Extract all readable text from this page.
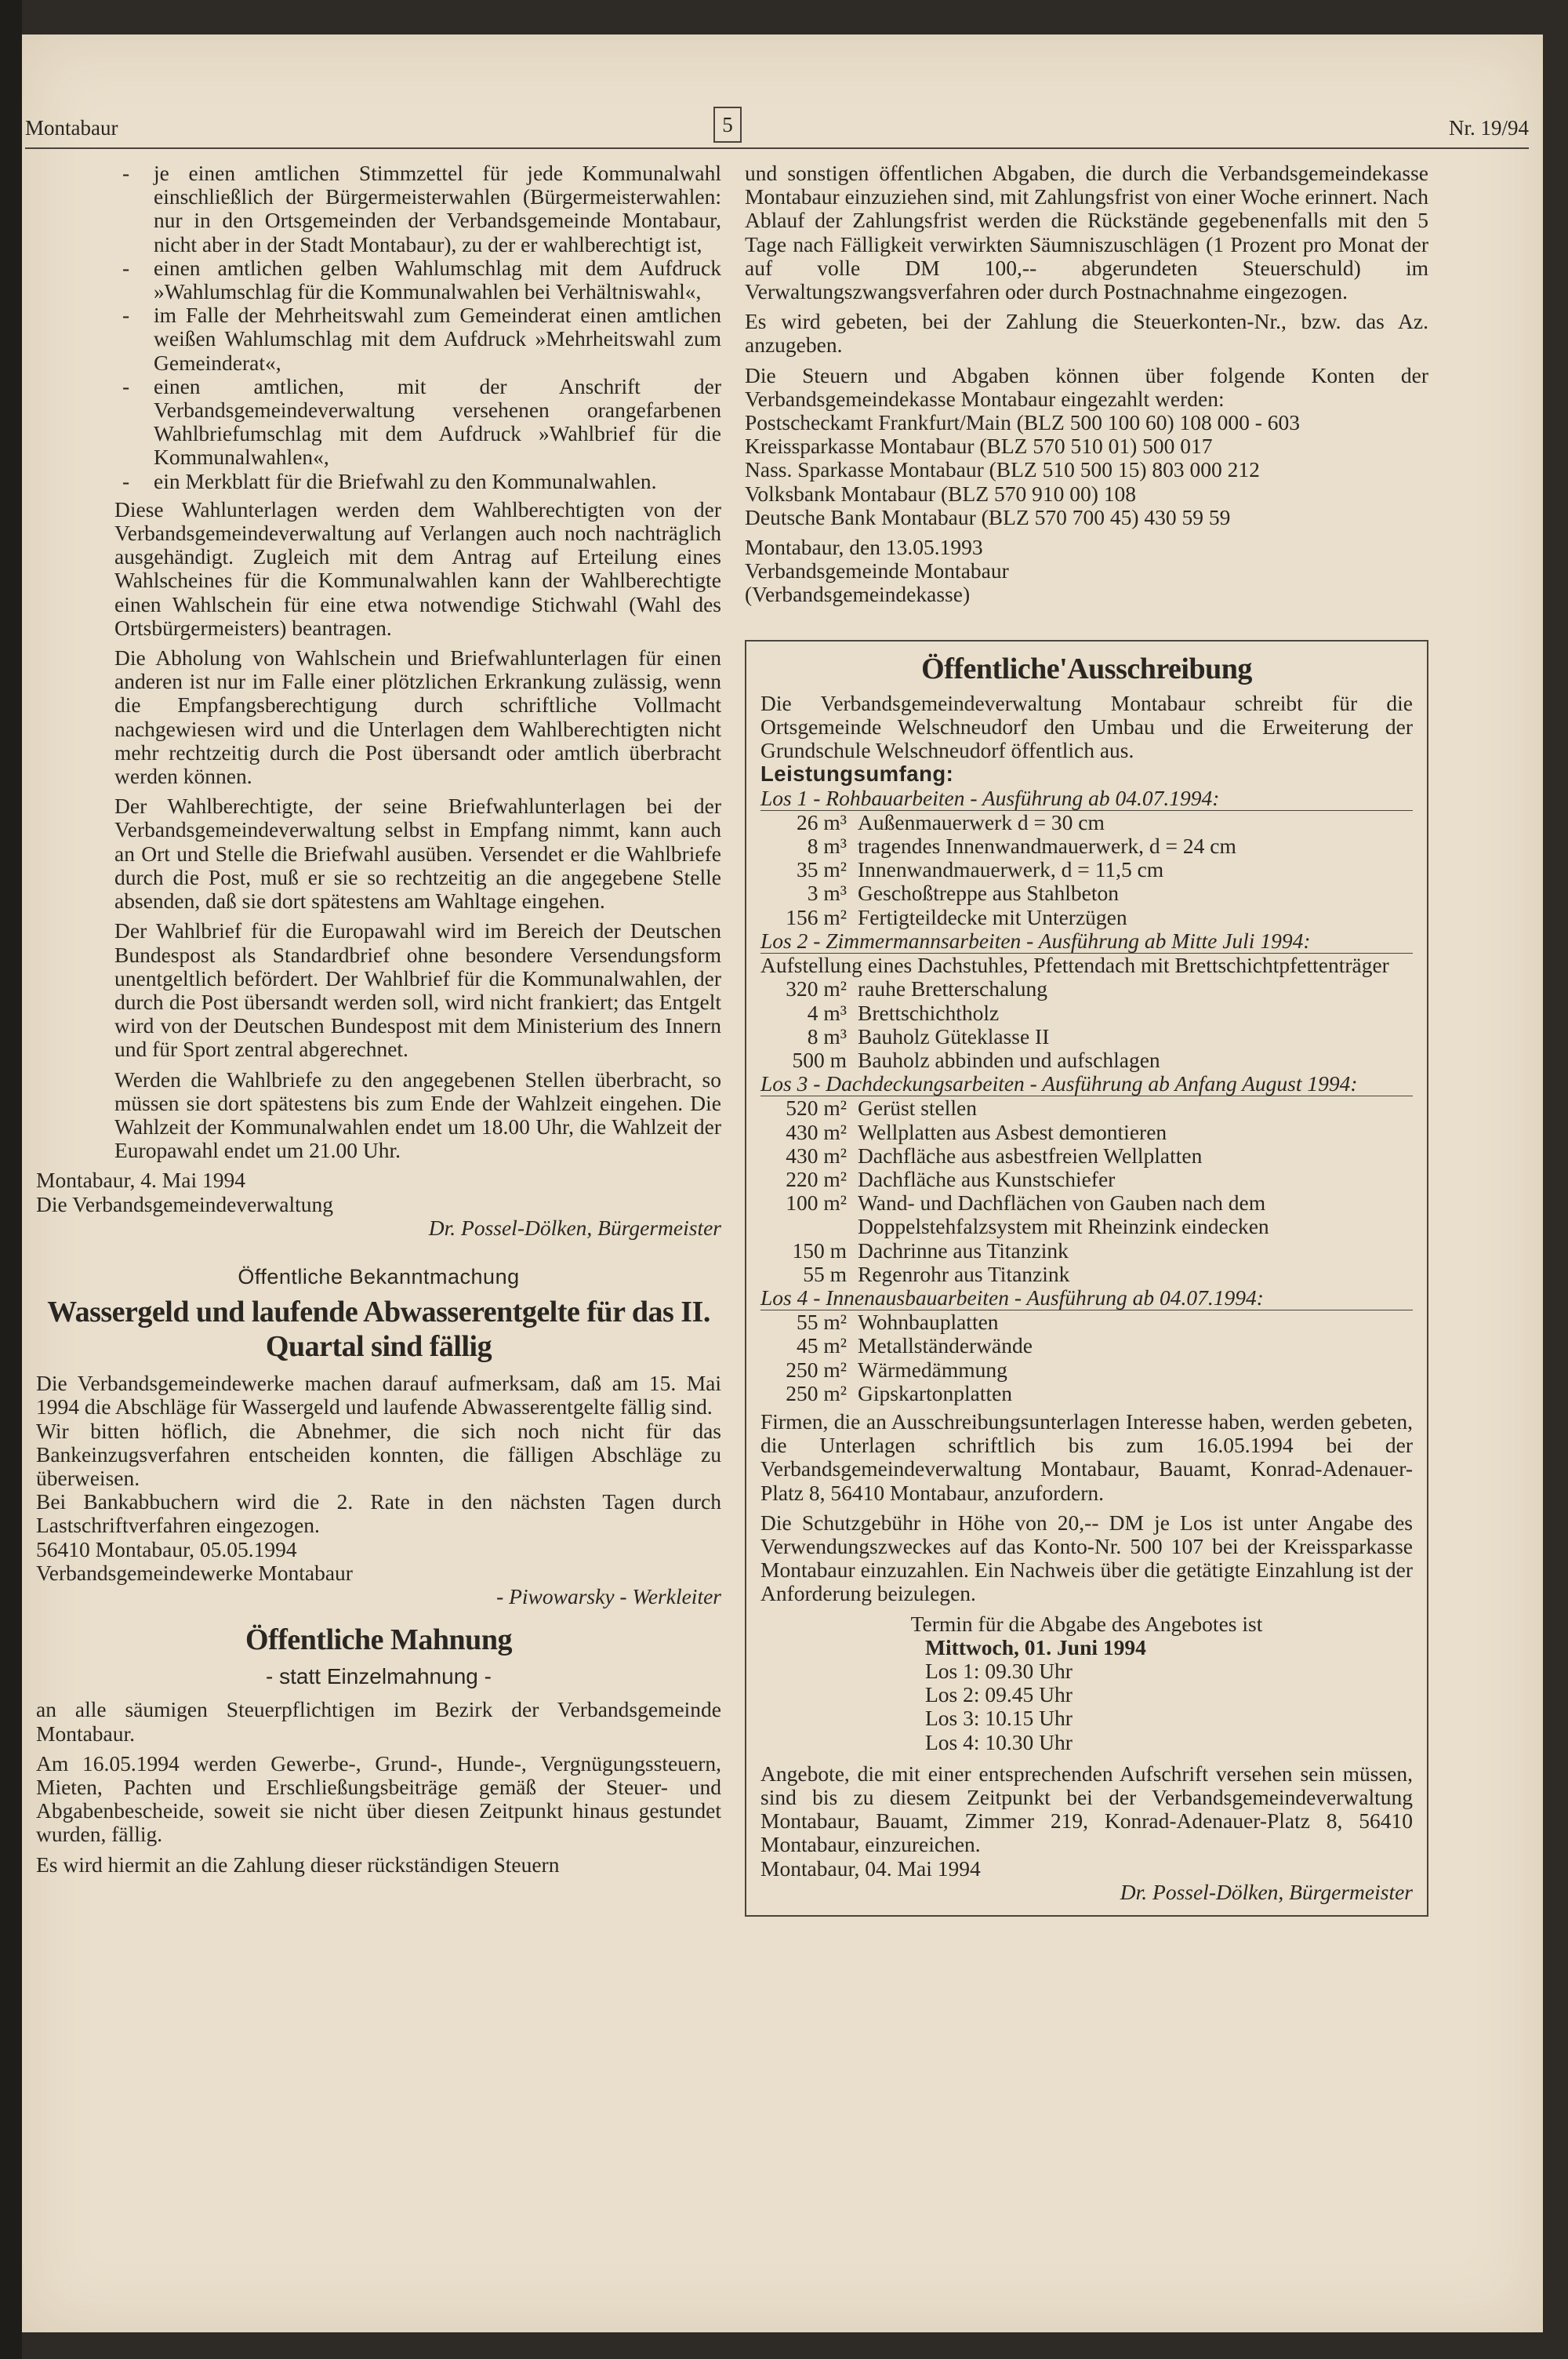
Montabaur	5	Nr. 19/94
- je einen amtlichen Stimmzettel für jede Kommunalwahl einschließlich der Bürgermeisterwahlen (Bürgermeisterwahlen: nur in den Ortsgemeinden der Verbandsgemeinde Montabaur, nicht aber in der Stadt Montabaur), zu der er wahlberechtigt ist,
- einen amtlichen gelben Wahlumschlag mit dem Aufdruck »Wahlumschlag für die Kommunalwahlen bei Verhältniswahl«,
- im Falle der Mehrheitswahl zum Gemeinderat einen amtlichen weißen Wahlumschlag mit dem Aufdruck »Mehrheitswahl zum Gemeinderat«,
- einen amtlichen, mit der Anschrift der Verbandsgemeindeverwaltung versehenen orangefarbenen Wahlbriefumschlag mit dem Aufdruck »Wahlbrief für die Kommunalwahlen«,
- ein Merkblatt für die Briefwahl zu den Kommunalwahlen.

Diese Wahlunterlagen werden dem Wahlberechtigten von der Verbandsgemeindeverwaltung auf Verlangen auch noch nachträglich ausgehändigt. Zugleich mit dem Antrag auf Erteilung eines Wahlscheines für die Kommunalwahlen kann der Wahlberechtigte einen Wahlschein für eine etwa notwendige Stichwahl (Wahl des Ortsbürgermeisters) beantragen.

Die Abholung von Wahlschein und Briefwahlunterlagen für einen anderen ist nur im Falle einer plötzlichen Erkrankung zulässig, wenn die Empfangsberechtigung durch schriftliche Vollmacht nachgewiesen wird und die Unterlagen dem Wahlberechtigten nicht mehr rechtzeitig durch die Post übersandt oder amtlich überbracht werden können.

Der Wahlberechtigte, der seine Briefwahlunterlagen bei der Verbandsgemeindeverwaltung selbst in Empfang nimmt, kann auch an Ort und Stelle die Briefwahl ausüben. Versendet er die Wahlbriefe durch die Post, muß er sie so rechtzeitig an die angegebene Stelle absenden, daß sie dort spätestens am Wahltage eingehen.

Der Wahlbrief für die Europawahl wird im Bereich der Deutschen Bundespost als Standardbrief ohne besondere Versendungsform unentgeltlich befördert. Der Wahlbrief für die Kommunalwahlen, der durch die Post übersandt werden soll, wird nicht frankiert; das Entgelt wird von der Deutschen Bundespost mit dem Ministerium des Innern und für Sport zentral abgerechnet.

Werden die Wahlbriefe zu den angegebenen Stellen überbracht, so müssen sie dort spätestens bis zum Ende der Wahlzeit eingehen. Die Wahlzeit der Kommunalwahlen endet um 18.00 Uhr, die Wahlzeit der Europawahl endet um 21.00 Uhr.

Montabaur, 4. Mai 1994

Die Verbandsgemeindeverwaltung

Dr. Possel-Dölken, Bürgermeister

Öffentliche Bekanntmachung
Wassergeld und laufende Abwasserentgelte für das II. Quartal sind fällig

Die Verbandsgemeindewerke machen darauf aufmerksam, daß am 15. Mai 1994 die Abschläge für Wassergeld und laufende Abwasserentgelte fällig sind.

Wir bitten höflich, die Abnehmer, die sich noch nicht für das Bankeinzugsverfahren entscheiden konnten, die fälligen Abschläge zu überweisen.

Bei Bankabbuchern wird die 2. Rate in den nächsten Tagen durch Lastschriftverfahren eingezogen.

56410 Montabaur, 05.05.1994

Verbandsgemeindewerke Montabaur

- Piwowarsky - Werkleiter

Öffentliche Mahnung
- statt Einzelmahnung -

an alle säumigen Steuerpflichtigen im Bezirk der Verbandsgemeinde Montabaur.

Am 16.05.1994 werden Gewerbe-, Grund-, Hunde-, Vergnügungssteuern, Mieten, Pachten und Erschließungsbeiträge gemäß der Steuer- und Abgabenbescheide, soweit sie nicht über diesen Zeitpunkt hinaus gestundet wurden, fällig.

Es wird hiermit an die Zahlung dieser rückständigen Steuern

und sonstigen öffentlichen Abgaben, die durch die Verbandsgemeindekasse Montabaur einzuziehen sind, mit Zahlungsfrist von einer Woche erinnert. Nach Ablauf der Zahlungsfrist werden die Rückstände gegebenenfalls mit den 5 Tage nach Fälligkeit verwirkten Säumniszuschlägen (1 Prozent pro Monat der auf volle DM 100,-- abgerundeten Steuerschuld) im Verwaltungszwangsverfahren oder durch Postnachnahme eingezogen.

Es wird gebeten, bei der Zahlung die Steuerkonten-Nr., bzw. das Az. anzugeben.

Die Steuern und Abgaben können über folgende Konten der Verbandsgemeindekasse Montabaur eingezahlt werden:

Postscheckamt Frankfurt/Main (BLZ 500 100 60) 108 000 - 603

Kreissparkasse Montabaur (BLZ 570 510 01) 500 017

Nass. Sparkasse Montabaur (BLZ 510 500 15) 803 000 212

Volksbank Montabaur (BLZ 570 910 00) 108

Deutsche Bank Montabaur (BLZ 570 700 45) 430 59 59

Montabaur, den 13.05.1993

Verbandsgemeinde Montabaur

(Verbandsgemeindekasse)

Öffentliche'Ausschreibung

Die Verbandsgemeindeverwaltung Montabaur schreibt für die Ortsgemeinde Welschneudorf den Umbau und die Erweiterung der Grundschule Welschneudorf öffentlich aus.

Leistungsumfang:

Los 1 - Rohbauarbeiten - Ausführung ab 04.07.1994:

26 m³ Außenmauerwerk d = 30 cm
8 m³ tragendes Innenwandmauerwerk, d = 24 cm
35 m² Innenwandmauerwerk, d = 11,5 cm
3 m³ Geschoßtreppe aus Stahlbeton
156 m² Fertigteildecke mit Unterzügen

Los 2 - Zimmermannsarbeiten - Ausführung ab Mitte Juli 1994:

Aufstellung eines Dachstuhles, Pfettendach mit Brettschichtpfettenträger

320 m² rauhe Bretterschalung
4 m³ Brettschichtholz
8 m³ Bauholz Güteklasse II
500 m Bauholz abbinden und aufschlagen

Los 3 - Dachdeckungsarbeiten - Ausführung ab Anfang August 1994:

520 m² Gerüst stellen
430 m² Wellplatten aus Asbest demontieren
430 m² Dachfläche aus asbestfreien Wellplatten
220 m² Dachfläche aus Kunstschiefer
100 m² Wand- und Dachflächen von Gauben nach dem Doppelstehfalzsystem mit Rheinzink eindecken
150 m Dachrinne aus Titanzink
55 m Regenrohr aus Titanzink

Los 4 - Innenausbauarbeiten - Ausführung ab 04.07.1994:

55 m² Wohnbauplatten
45 m² Metallständerwände
250 m² Wärmedämmung
250 m² Gipskartonplatten

Firmen, die an Ausschreibungsunterlagen Interesse haben, werden gebeten, die Unterlagen schriftlich bis zum 16.05.1994 bei der Verbandsgemeindeverwaltung Montabaur, Bauamt, Konrad-Adenauer-Platz 8, 56410 Montabaur, anzufordern.

Die Schutzgebühr in Höhe von 20,-- DM je Los ist unter Angabe des Verwendungszweckes auf das Konto-Nr. 500 107 bei der Kreissparkasse Montabaur einzuzahlen. Ein Nachweis über die getätigte Einzahlung ist der Anforderung beizulegen.

Termin für die Abgabe des Angebotes ist

Mittwoch, 01. Juni 1994
Los 1: 09.30 Uhr
Los 2: 09.45 Uhr
Los 3: 10.15 Uhr
Los 4: 10.30 Uhr

Angebote, die mit einer entsprechenden Aufschrift versehen sein müssen, sind bis zu diesem Zeitpunkt bei der Verbandsgemeindeverwaltung Montabaur, Bauamt, Zimmer 219, Konrad-Adenauer-Platz 8, 56410 Montabaur, einzureichen.

Montabaur, 04. Mai 1994

Dr. Possel-Dölken, Bürgermeister
